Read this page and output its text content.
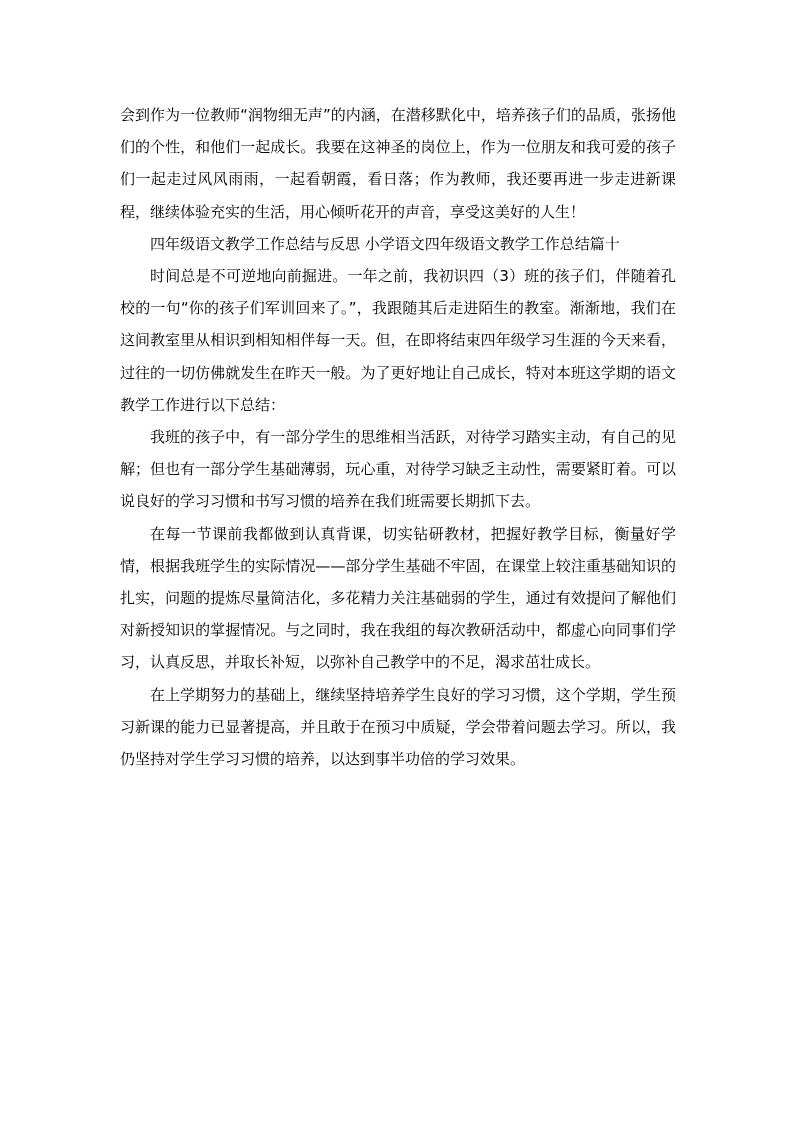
会到作为一位教师“润物细无声”的内涵，在潜移默化中，培养孩子们的品质，张扬他们的个性，和他们一起成长。我要在这神圣的岗位上，作为一位朋友和我可爱的孩子们一起走过风风雨雨，一起看朝霞，看日落；作为教师，我还要再进一步走进新课程，继续体验充实的生活，用心倾听花开的声音，享受这美好的人生！

四年级语文教学工作总结与反思 小学语文四年级语文教学工作总结篇十

时间总是不可逆地向前掘进。一年之前，我初识四（3）班的孩子们，伴随着孔校的一句“你的孩子们军训回来了。”，我跟随其后走进陌生的教室。渐渐地，我们在这间教室里从相识到相知相伴每一天。但，在即将结束四年级学习生涯的今天来看，过往的一切仿佛就发生在昨天一般。为了更好地让自己成长，特对本班这学期的语文教学工作进行以下总结：

我班的孩子中，有一部分学生的思维相当活跃，对待学习踏实主动，有自己的见解；但也有一部分学生基础薄弱，玩心重，对待学习缺乏主动性，需要紧盯着。可以说良好的学习习惯和书写习惯的培养在我们班需要长期抓下去。

在每一节课前我都做到认真背课，切实钻研教材，把握好教学目标，衡量好学情，根据我班学生的实际情况——部分学生基础不牢固，在课堂上较注重基础知识的扎实，问题的提炼尽量简洁化，多花精力关注基础弱的学生，通过有效提问了解他们对新授知识的掌握情况。与之同时，我在我组的每次教研活动中，都虚心向同事们学习，认真反思，并取长补短，以弥补自己教学中的不足，渴求茁壮成长。

在上学期努力的基础上，继续坚持培养学生良好的学习习惯，这个学期，学生预习新课的能力已显著提高，并且敢于在预习中质疑，学会带着问题去学习。所以，我仍坚持对学生学习习惯的培养，以达到事半功倍的学习效果。
